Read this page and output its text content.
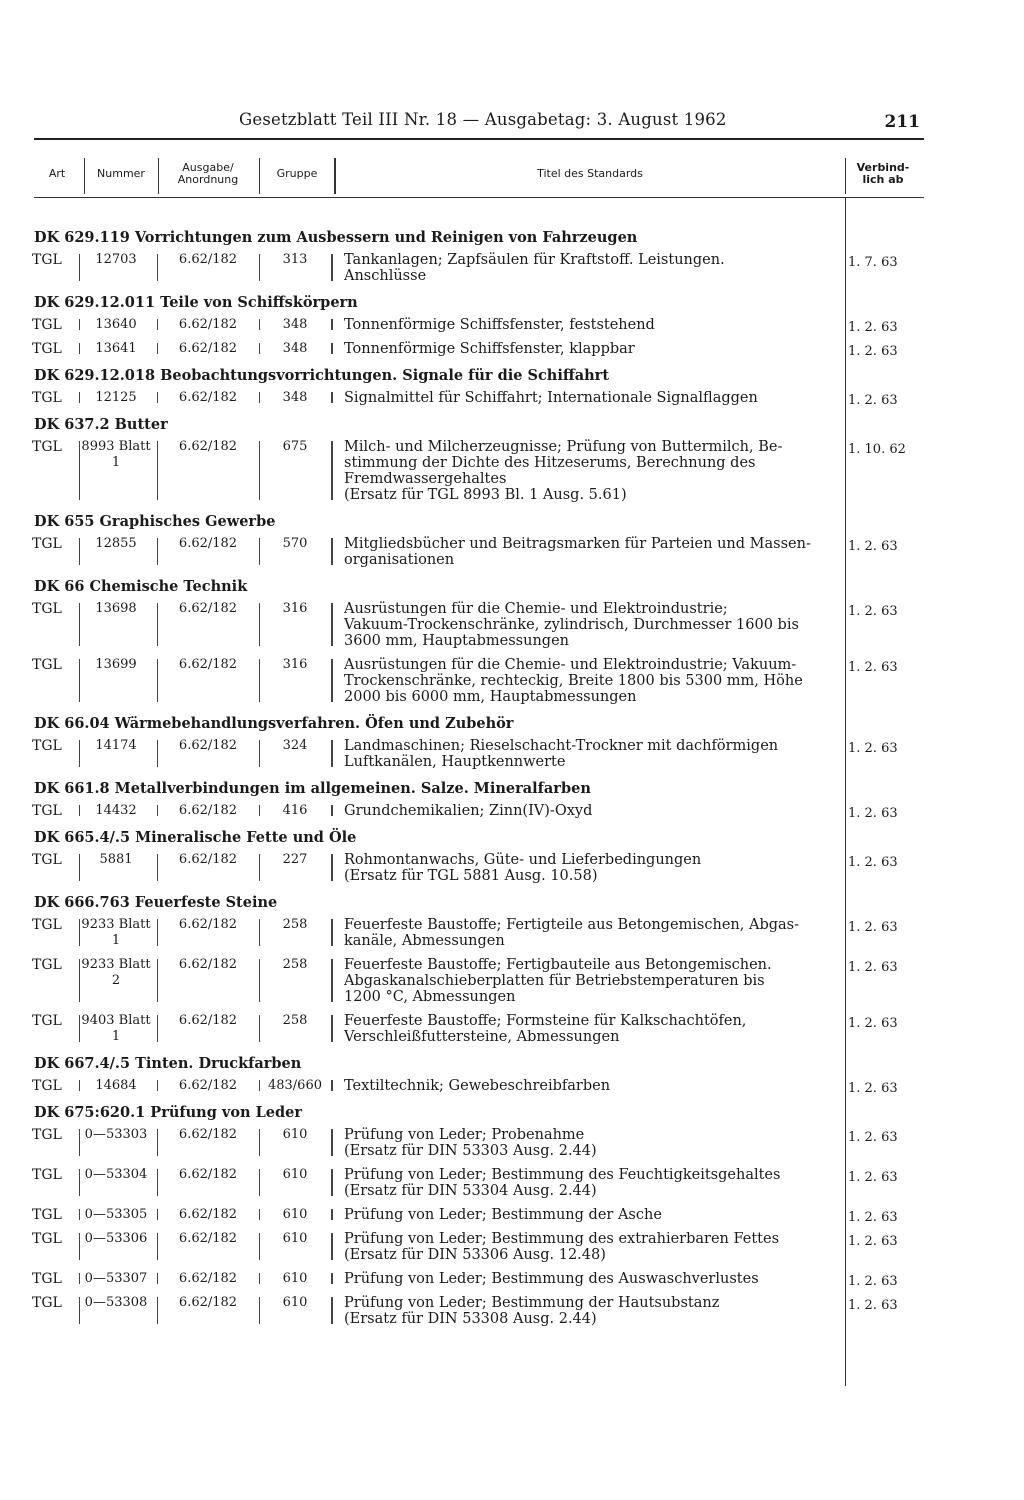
Gesetzblatt Teil III Nr. 18 — Ausgabetag: 3. August 1962	211
Art	Nummer	Ausgabe/
Anordnung	Gruppe	Titel des Standards	Verbind-
lich ab
DK 629.119 Vorrichtungen zum Ausbessern und Reinigen von Fahrzeugen
TGL	12703	6.62/182	313	Tankanlagen; Zapfsäulen für Kraftstoff. Leistungen.
Anschlüsse
1. 7. 63
DK 629.12.011 Teile von Schiffskörpern
TGL	13640	6.62/182	348	Tonnenförmige Schiffsfenster, feststehend	1. 2. 63
TGL	13641	6.62/182	348	Tonnenförmige Schiffsfenster, klappbar	1. 2. 63
DK 629.12.018 Beobachtungsvorrichtungen. Signale für die Schiffahrt
TGL	12125	6.62/182	348	Signalmittel für Schiffahrt; Internationale Signalflaggen	1. 2. 63
DK 637.2 Butter
TGL	8993 Blatt 1
6.62/182	675	Milch- und Milcherzeugnisse; Prüfung von Buttermilch, Be-
stimmung der Dichte des Hitzeserums, Berechnung des
Fremdwassergehaltes
(Ersatz für TGL 8993 Bl. 1 Ausg. 5.61)
1. 10. 62
DK 655 Graphisches Gewerbe
TGL	12855	6.62/182	570	Mitgliedsbücher und Beitragsmarken für Parteien und Massen-
organisationen
1. 2. 63
DK 66 Chemische Technik
TGL	13698	6.62/182	316	Ausrüstungen für die Chemie- und Elektroindustrie;
Vakuum-Trockenschränke, zylindrisch, Durchmesser 1600 bis
3600 mm, Hauptabmessungen
1. 2. 63
TGL	13699	6.62/182	316	Ausrüstungen für die Chemie- und Elektroindustrie; Vakuum-
Trockenschränke, rechteckig, Breite 1800 bis 5300 mm, Höhe
2000 bis 6000 mm, Hauptabmessungen
1. 2. 63
DK 66.04 Wärmebehandlungsverfahren. Öfen und Zubehör
TGL	14174	6.62/182	324	Landmaschinen; Rieselschacht-Trockner mit dachförmigen
Luftkanälen, Hauptkennwerte
1. 2. 63
DK 661.8 Metallverbindungen im allgemeinen. Salze. Mineralfarben
TGL	14432	6.62/182	416	Grundchemikalien; Zinn(IV)-Oxyd	1. 2. 63
DK 665.4/.5 Mineralische Fette und Öle
TGL	5881	6.62/182	227	Rohmontanwachs, Güte- und Lieferbedingungen
(Ersatz für TGL 5881 Ausg. 10.58)
1. 2. 63
DK 666.763 Feuerfeste Steine
TGL	9233 Blatt 1
6.62/182	258	Feuerfeste Baustoffe; Fertigteile aus Betongemischen, Abgas-
kanäle, Abmessungen
1. 2. 63
TGL	9233 Blatt 2
6.62/182	258	Feuerfeste Baustoffe; Fertigbauteile aus Betongemischen.
Abgaskanalschieberplatten für Betriebstemperaturen bis
1200 °C, Abmessungen
1. 2. 63
TGL	9403 Blatt 1
6.62/182	258	Feuerfeste Baustoffe; Formsteine für Kalkschachtöfen,
Verschleißfuttersteine, Abmessungen
1. 2. 63
DK 667.4/.5 Tinten. Druckfarben
TGL	14684	6.62/182	483/660	Textiltechnik; Gewebeschreibfarben	1. 2. 63
DK 675:620.1 Prüfung von Leder
TGL	0—53303	6.62/182	610	Prüfung von Leder; Probenahme
(Ersatz für DIN 53303 Ausg. 2.44)
1. 2. 63
TGL	0—53304	6.62/182	610	Prüfung von Leder; Bestimmung des Feuchtigkeitsgehaltes
(Ersatz für DIN 53304 Ausg. 2.44)
1. 2. 63
TGL	0—53305	6.62/182	610	Prüfung von Leder; Bestimmung der Asche	1. 2. 63
TGL	0—53306	6.62/182	610	Prüfung von Leder; Bestimmung des extrahierbaren Fettes
(Ersatz für DIN 53306 Ausg. 12.48)
1. 2. 63
TGL	0—53307	6.62/182	610	Prüfung von Leder; Bestimmung des Auswaschverlustes	1. 2. 63
TGL	0—53308	6.62/182	610	Prüfung von Leder; Bestimmung der Hautsubstanz
(Ersatz für DIN 53308 Ausg. 2.44)
1. 2. 63
